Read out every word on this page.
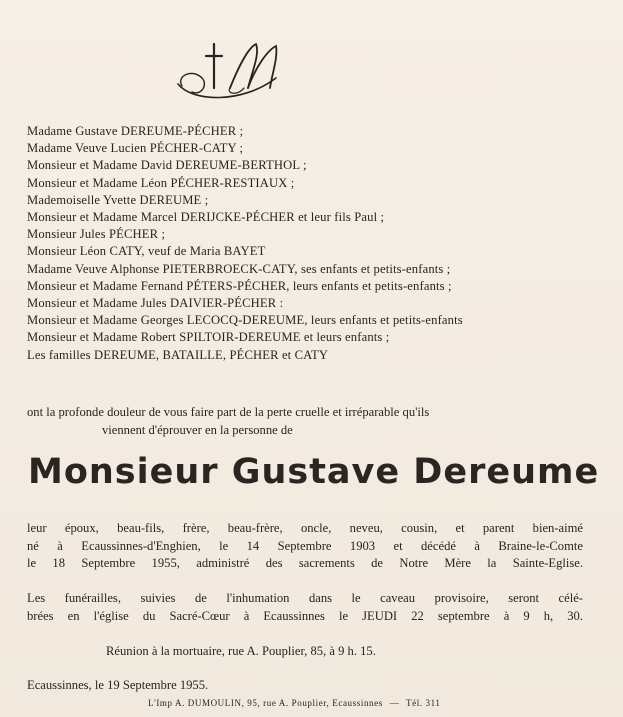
Madame Gustave DEREUME-PÉCHER ;
Madame Veuve Lucien PÉCHER-CATY ;
Monsieur et Madame David DEREUME-BERTHOL ;
Monsieur et Madame Léon PÉCHER-RESTIAUX ;
Mademoiselle Yvette DEREUME ;
Monsieur et Madame Marcel DERIJCKE-PÉCHER et leur fils Paul ;
Monsieur Jules PÉCHER ;
Monsieur Léon CATY, veuf de Maria BAYET
Madame Veuve Alphonse PIETERBROECK-CATY, ses enfants et petits-enfants ;
Monsieur et Madame Fernand PÉTERS-PÉCHER, leurs enfants et petits-enfants ;
Monsieur et Madame Jules DAIVIER-PÉCHER :
Monsieur et Madame Georges LECOCQ-DEREUME, leurs enfants et petits-enfants
Monsieur et Madame Robert SPILTOIR-DEREUME et leurs enfants ;
Les familles DEREUME, BATAILLE, PÉCHER et CATY
ont la profonde douleur de vous faire part de la perte cruelle et irréparable qu'ils
viennent d'éprouver en la personne de
Monsieur Gustave Dereume
leur époux, beau-fils, frère, beau-frère, oncle, neveu, cousin, et parent bien-aimé
né à Ecaussinnes-d'Enghien, le 14 Septembre 1903 et décédé à Braine-le-Comte
le 18 Septembre 1955, administré des sacrements de Notre Mère la Sainte-Eglise.
Les funérailles, suivies de l'inhumation dans le caveau provisoire, seront célé-
brées en l'église du Sacré-Cœur à Ecaussinnes le JEUDI 22 septembre à 9 h, 30.
Réunion à la mortuaire, rue A. Pouplier, 85, à 9 h. 15.
Ecaussinnes, le 19 Septembre 1955.
L'Imp A. DUMOULIN, 95, rue A. Pouplier, Ecaussinnes — Tél. 311
